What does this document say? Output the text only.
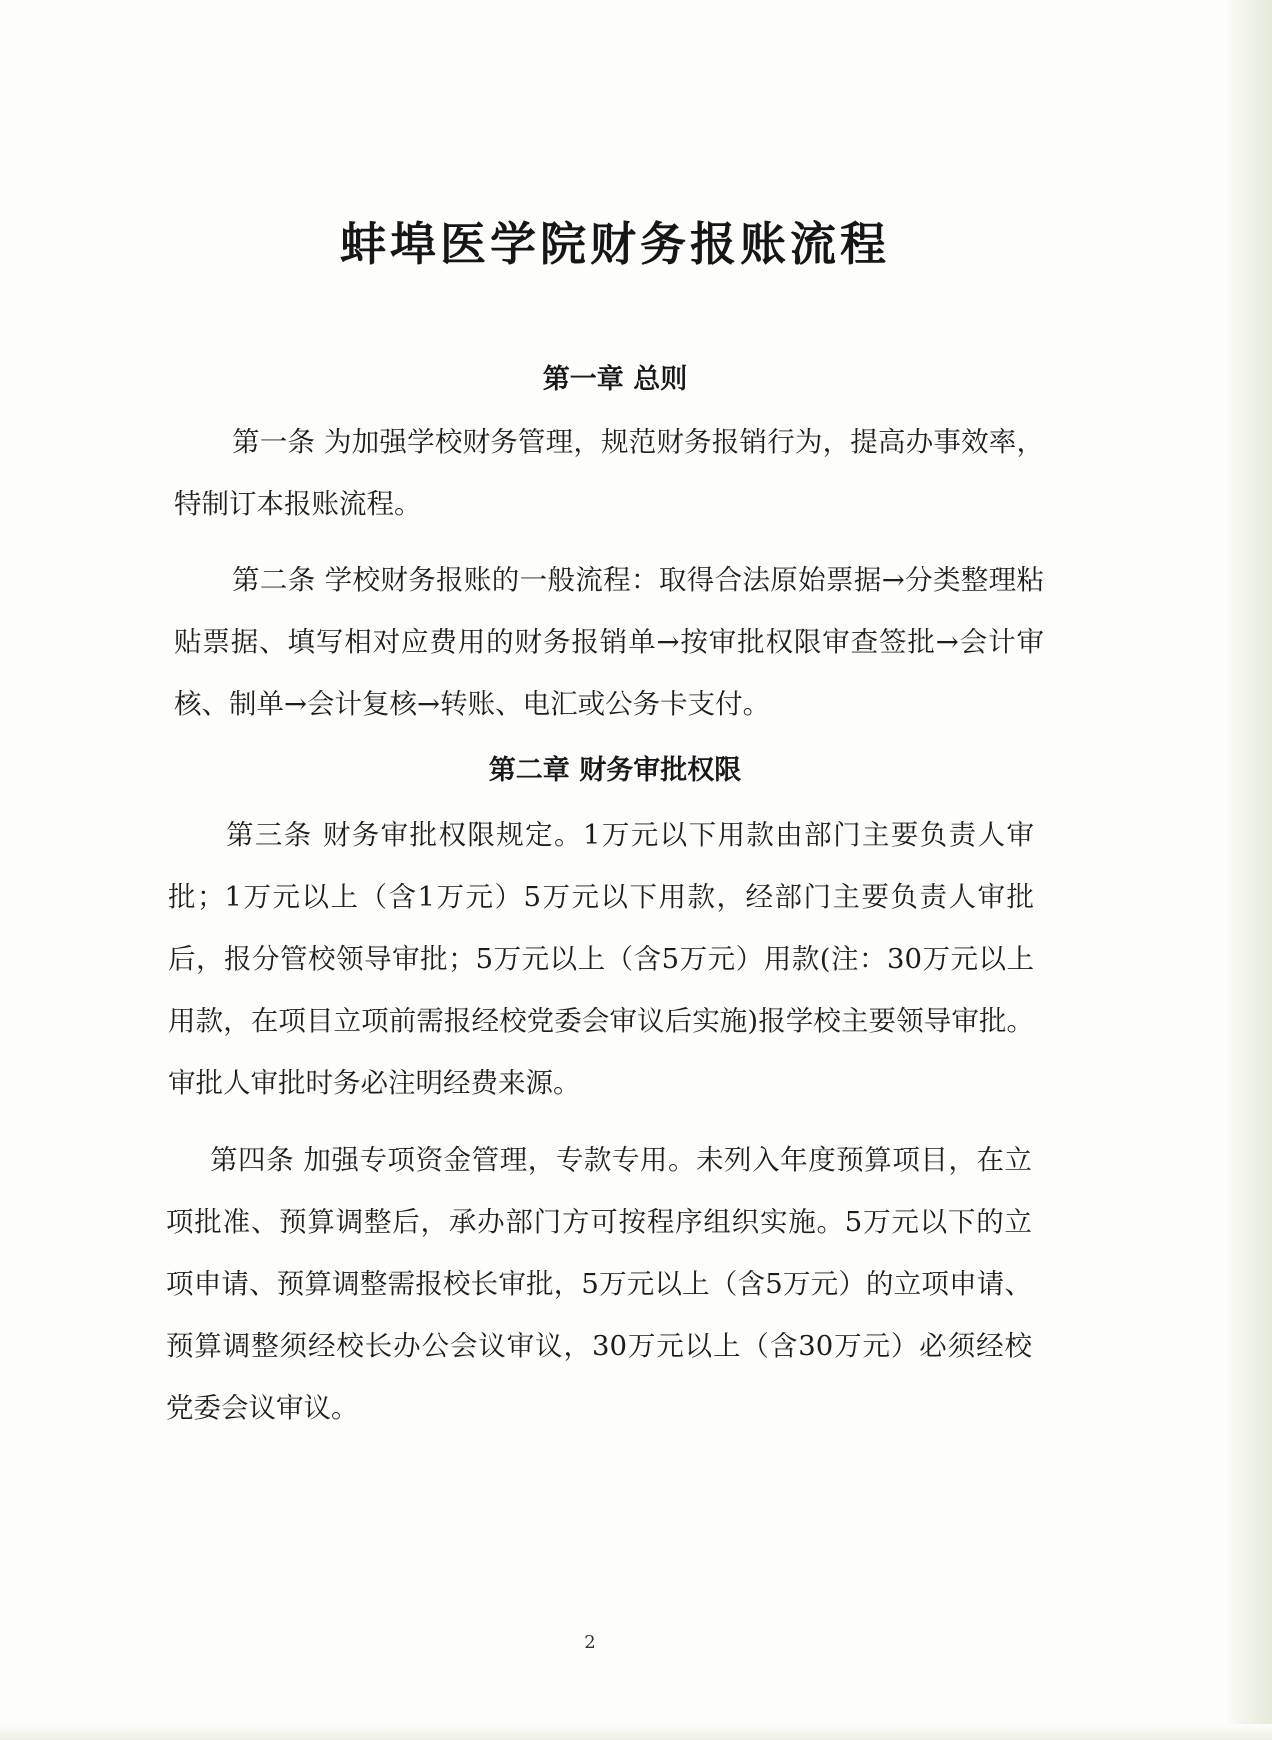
蚌埠医学院财务报账流程
第一章 总则
第一条 为加强学校财务管理，规范财务报销行为，提高办事效率，特制订本报账流程。
第二条 学校财务报账的一般流程：取得合法原始票据→分类整理粘贴票据、填写相对应费用的财务报销单→按审批权限审查签批→会计审核、制单→会计复核→转账、电汇或公务卡支付。
第二章 财务审批权限
第三条 财务审批权限规定。1万元以下用款由部门主要负责人审批；1万元以上（含1万元）5万元以下用款，经部门主要负责人审批后，报分管校领导审批；5万元以上（含5万元）用款(注：30万元以上用款，在项目立项前需报经校党委会审议后实施)报学校主要领导审批。审批人审批时务必注明经费来源。
第四条 加强专项资金管理，专款专用。未列入年度预算项目，在立项批准、预算调整后，承办部门方可按程序组织实施。5万元以下的立项申请、预算调整需报校长审批，5万元以上（含5万元）的立项申请、预算调整须经校长办公会议审议，30万元以上（含30万元）必须经校党委会议审议。
2
